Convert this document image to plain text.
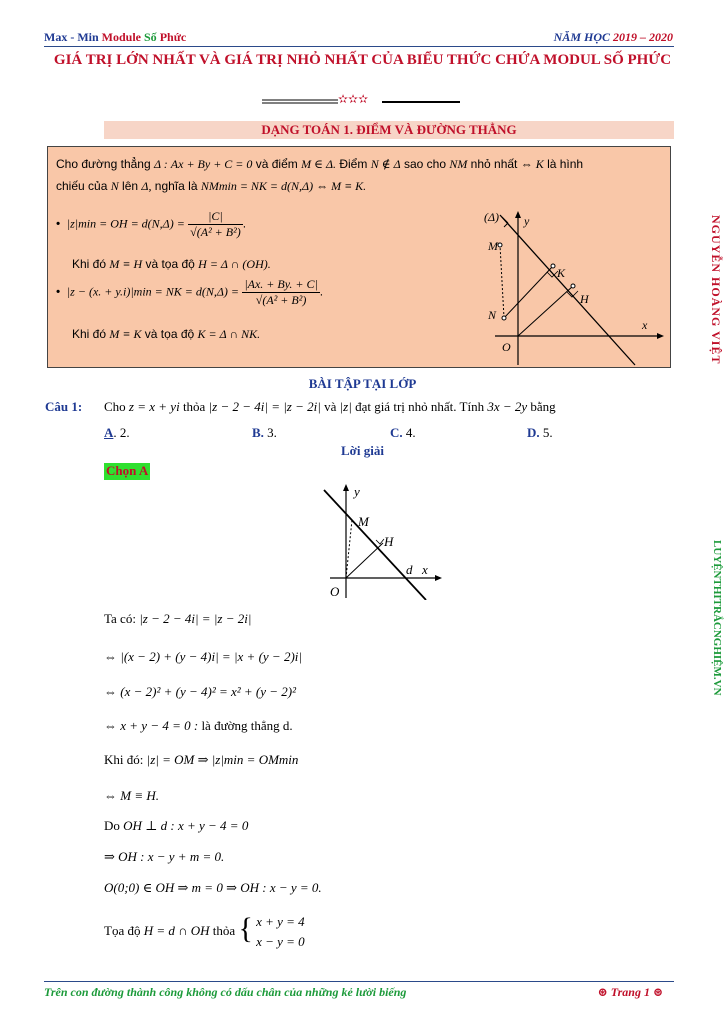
Max - Min Module Số Phức	NĂM HỌC 2019 – 2020
GIÁ TRỊ LỚN NHẤT VÀ GIÁ TRỊ NHỎ NHẤT CỦA BIỂU THỨC CHỨA MODUL SỐ PHỨC
✫✫✫
DẠNG TOÁN 1. ĐIỂM VÀ ĐƯỜNG THẲNG
Cho đường thẳng Δ : Ax + By + C = 0 và điểm M ∈ Δ. Điểm N ∉ Δ sao cho NM nhỏ nhất ⇔ K là hình
chiếu của N lên Δ, nghĩa là NMmin = NK = d(N,Δ) ⇔ M ≡ K.
•  |z|min = OH = $d(N,\Delta) = \frac{|C|}{\text{√(A² + B²)}}$ .
Khi đó M ≡ H và tọa độ H = Δ ∩ (OH).
•  |z − (x. + y.i)|min = NK = $d(N,\Delta) = \frac{|Ax. + By. + C|}{\text{√(A² + B²)}}$ .
Khi đó M ≡ K và tọa độ K = Δ ∩ NK.
(Δ) y
M
K
H
N
x
O	NGUYỄN HOÀNG VIỆT
LUYỆNTHITRẮCNGHIỆM.VN
BÀI TẬP TẠI LỚP
Câu 1: Cho z = x + yi thỏa |z − 2 − 4i| = |z − 2i| và |z| đạt giá trị nhỏ nhất. Tính 3x − 2y bằng
A. 2.	B. 3.	C. 4.	D. 5.
Lời giải
Chọn A
y
M
H
d x
O
Ta có: |z − 2 − 4i| = |z − 2i|
⇔ |(x − 2) + (y − 4)i| = |x + (y − 2)i|
⇔ (x − 2)² + (y − 4)² = x² + (y − 2)²
⇔ x + y − 4 = 0 : là đường thẳng d.
Khi đó: |z| = OM ⇒ |z|min = OMmin
⇔ M ≡ H.
Do OH ⊥ d : x + y − 4 = 0
⇒ OH : x − y + m = 0.
O(0;0) ∈ OH ⇒ m = 0 ⇒ OH : x − y = 0.
Tọa độ H = d ∩ OH thỏa { x + y = 4
x − y = 0
Trên con đường thành công không có dấu chân của những kẻ lười biếng	⊛ Trang 1 ⊛
